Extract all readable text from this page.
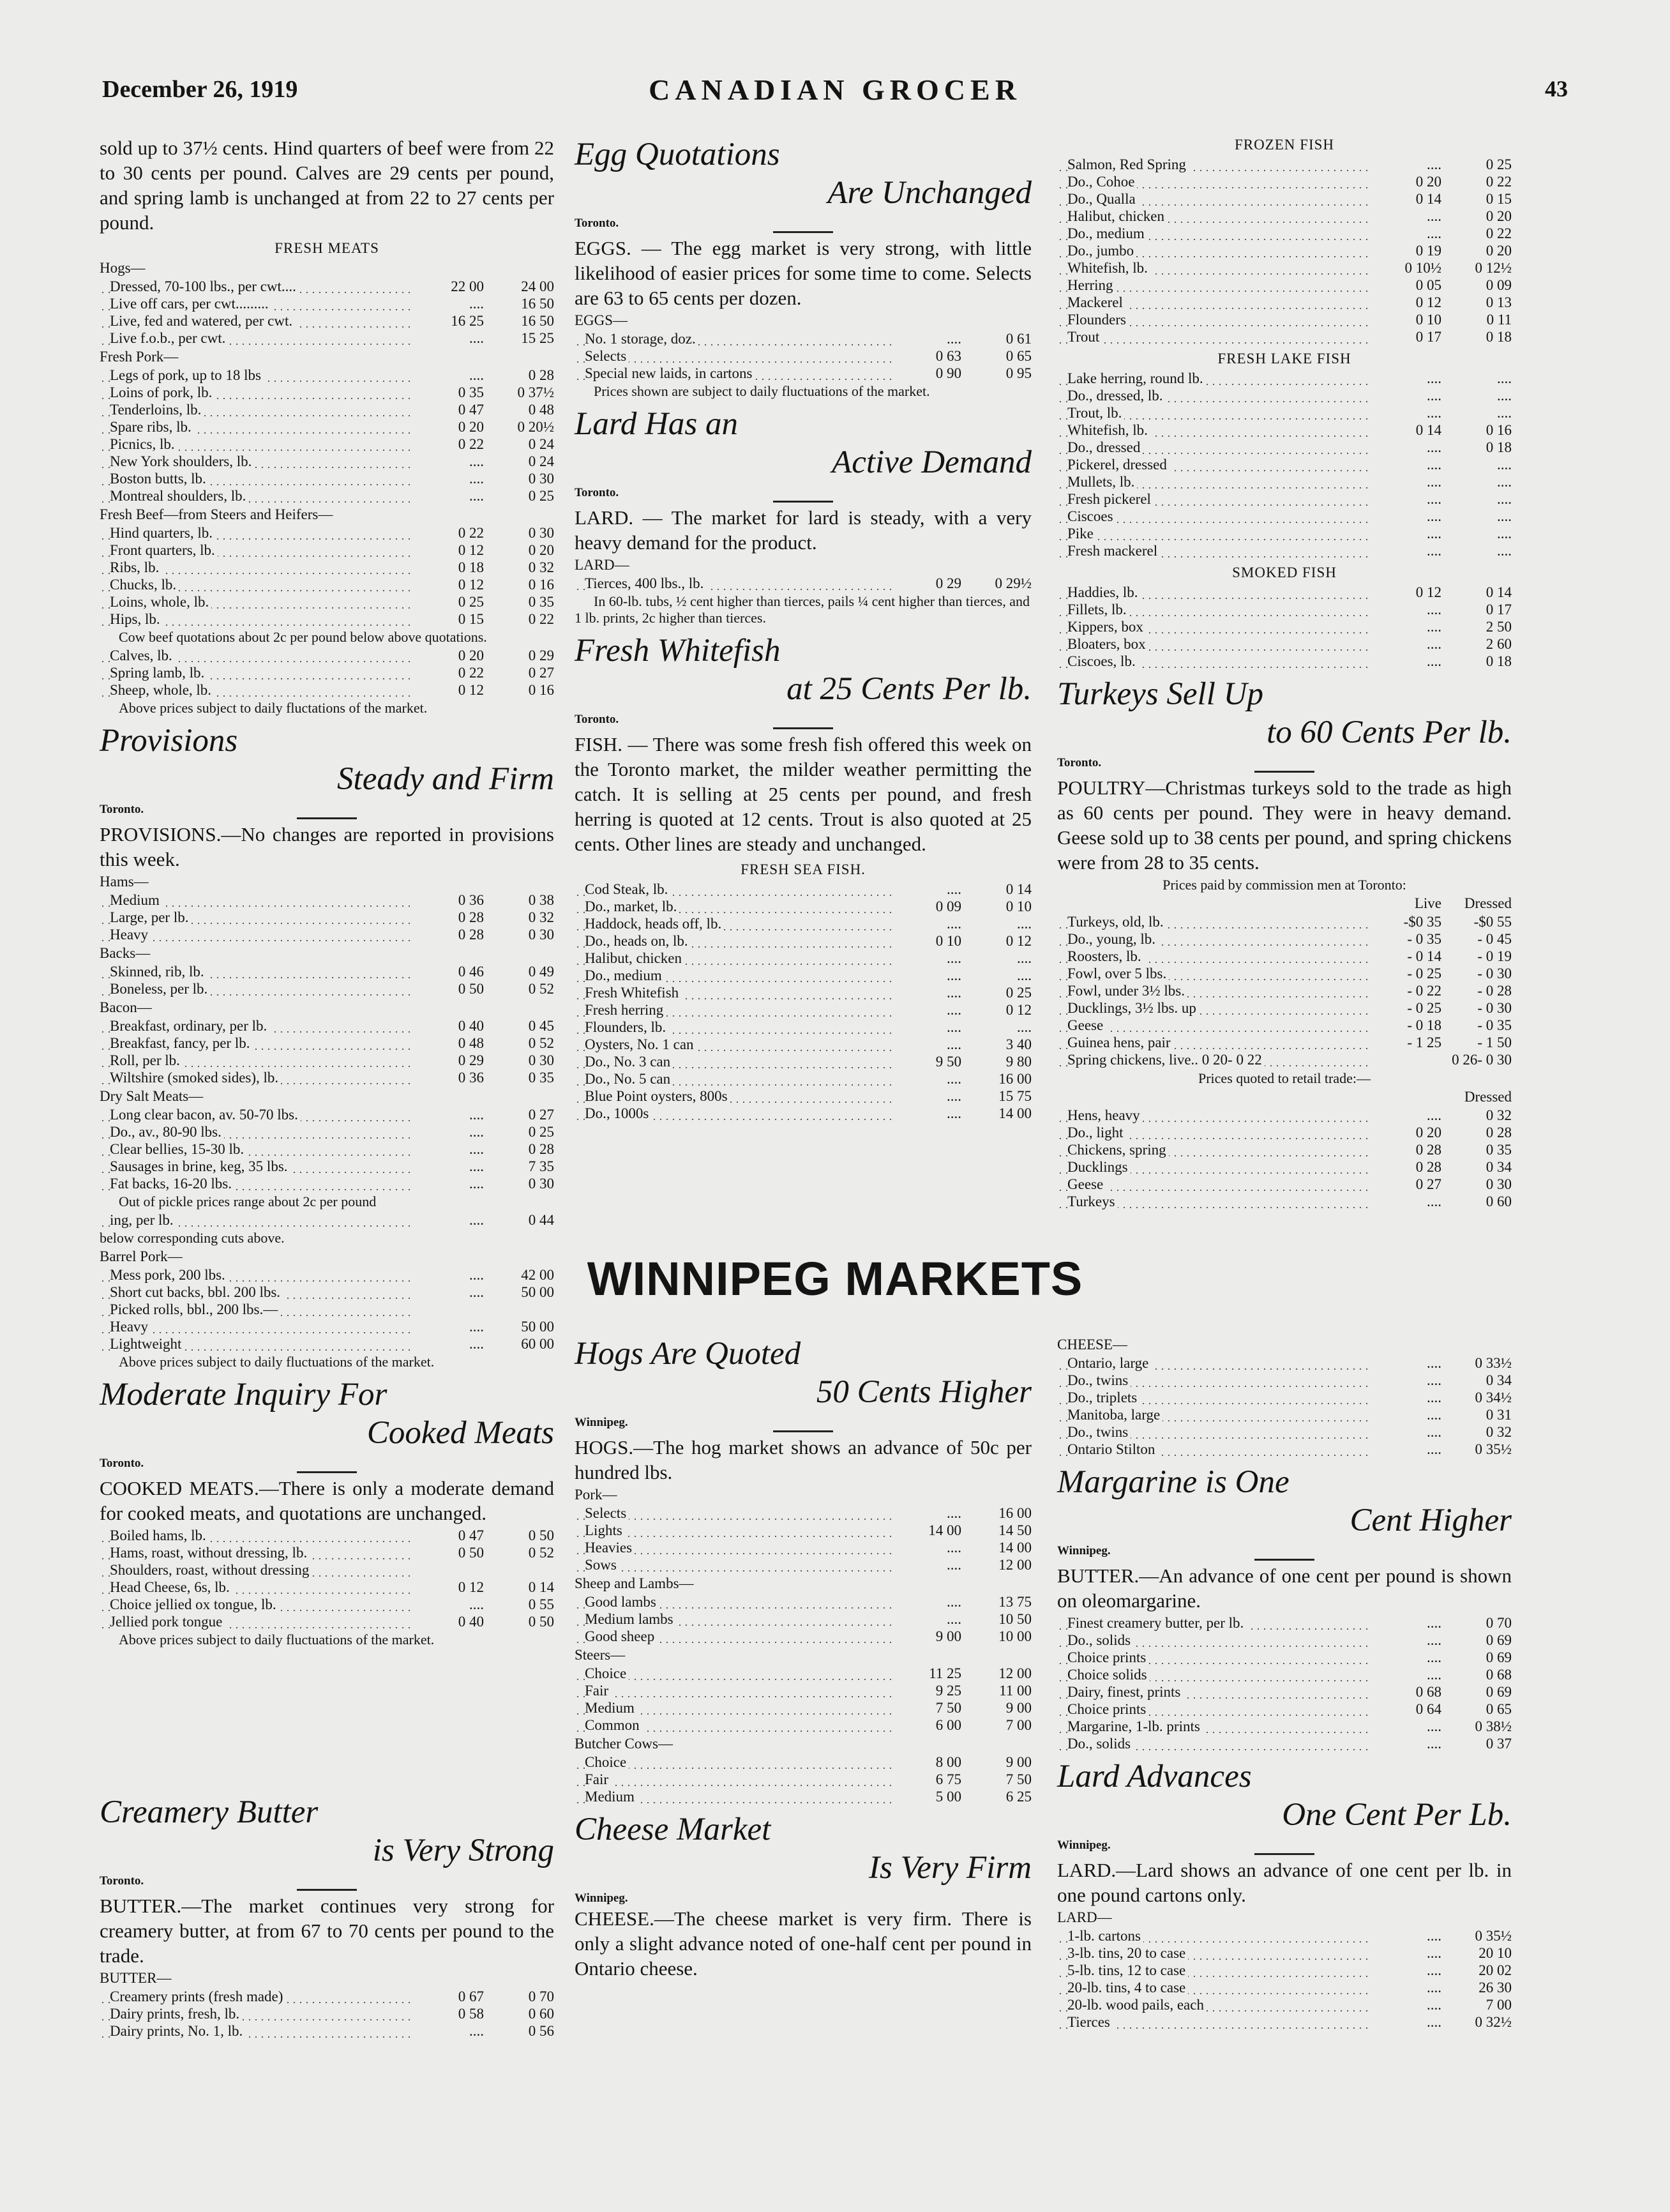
December 26, 1919	CANADIAN GROCER	43

sold up to 37½ cents. Hind quarters of beef were from 22 to 30 cents per pound. Calves are 29 cents per pound, and spring lamb is unchanged at from 22 to 27 cents per pound.

FRESH MEATS
Hogs—
Dressed, 70-100 lbs., per cwt....	22 00	24 00
Live off cars, per cwt.........	....	16 50
Live, fed and watered, per cwt.	16 25	16 50
Live f.o.b., per cwt.	....	15 25
Fresh Pork—
Legs of pork, up to 18 lbs	....	0 28
Loins of pork, lb.	0 35	0 37½
Tenderloins, lb.	0 47	0 48
Spare ribs, lb.	0 20	0 20½
Picnics, lb.	0 22	0 24
New York shoulders, lb.	....	0 24
Boston butts, lb.	....	0 30
Montreal shoulders, lb.	....	0 25
Fresh Beef—from Steers and Heifers—
Hind quarters, lb.	0 22	0 30
Front quarters, lb.	0 12	0 20
Ribs, lb.	0 18	0 32
Chucks, lb.	0 12	0 16
Loins, whole, lb.	0 25	0 35
Hips, lb.	0 15	0 22

Cow beef quotations about 2c per pound below above quotations.

Calves, lb.	0 20	0 29
Spring lamb, lb.	0 22	0 27
Sheep, whole, lb.	0 12	0 16

Above prices subject to daily fluctations of the market.

Provisions
Steady and Firm
Toronto.

PROVISIONS.—No changes are reported in provisions this week.

Hams—
Medium	0 36	0 38
Large, per lb.	0 28	0 32
Heavy	0 28	0 30
Backs—
Skinned, rib, lb.	0 46	0 49
Boneless, per lb.	0 50	0 52
Bacon—
Breakfast, ordinary, per lb.	0 40	0 45
Breakfast, fancy, per lb.	0 48	0 52
Roll, per lb.	0 29	0 30
Wiltshire (smoked sides), lb.	0 36	0 35
Dry Salt Meats—
Long clear bacon, av. 50-70 lbs.	....	0 27
Do., av., 80-90 lbs.	....	0 25
Clear bellies, 15-30 lb.	....	0 28
Sausages in brine, keg, 35 lbs.	....	7 35
Fat backs, 16-20 lbs.	....	0 30

Out of pickle prices range about 2c per pound

ing, per lb.	....	0 44

below corresponding cuts above.

Barrel Pork—
Mess pork, 200 lbs.	....	42 00
Short cut backs, bbl. 200 lbs.	....	50 00
Picked rolls, bbl., 200 lbs.—		
Heavy	....	50 00
Lightweight	....	60 00

Above prices subject to daily fluctuations of the market.

Moderate Inquiry For
Cooked Meats
Toronto.

COOKED MEATS.—There is only a moderate demand for cooked meats, and quotations are unchanged.

Boiled hams, lb.	0 47	0 50
Hams, roast, without dressing, lb.	0 50	0 52
Shoulders, roast, without dressing		
Head Cheese, 6s, lb.	0 12	0 14
Choice jellied ox tongue, lb.	....	0 55
Jellied pork tongue	0 40	0 50

Above prices subject to daily fluctuations of the market.

Creamery Butter
is Very Strong
Toronto.

BUTTER.—The market continues very strong for creamery butter, at from 67 to 70 cents per pound to the trade.

BUTTER—
Creamery prints (fresh made)	0 67	0 70
Dairy prints, fresh, lb.	0 58	0 60
Dairy prints, No. 1, lb.	....	0 56
Egg Quotations
Are Unchanged
Toronto.

EGGS. — The egg market is very strong, with little likelihood of easier prices for some time to come. Selects are 63 to 65 cents per dozen.

EGGS—
No. 1 storage, doz.	....	0 61
Selects	0 63	0 65
Special new laids, in cartons	0 90	0 95

Prices shown are subject to daily fluctuations of the market.

Lard Has an
Active Demand
Toronto.

LARD. — The market for lard is steady, with a very heavy demand for the product.

LARD—
Tierces, 400 lbs., lb.	0 29	0 29½

In 60-lb. tubs, ½ cent higher than tierces, pails ¼ cent higher than tierces, and 1 lb. prints, 2c higher than tierces.

Fresh Whitefish
at 25 Cents Per lb.
Toronto.

FISH. — There was some fresh fish offered this week on the Toronto market, the milder weather permitting the catch. It is selling at 25 cents per pound, and fresh herring is quoted at 12 cents. Trout is also quoted at 25 cents. Other lines are steady and unchanged.

FRESH SEA FISH.
Cod Steak, lb.	....	0 14
Do., market, lb.	0 09	0 10
Haddock, heads off, lb.	....	....
Do., heads on, lb.	0 10	0 12
Halibut, chicken	....	....
Do., medium	....	....
Fresh Whitefish	....	0 25
Fresh herring	....	0 12
Flounders, lb.	....	....
Oysters, No. 1 can	....	3 40
Do., No. 3 can	9 50	9 80
Do., No. 5 can	....	16 00
Blue Point oysters, 800s	....	15 75
Do., 1000s	....	14 00
FROZEN FISH
Salmon, Red Spring	....	0 25
Do., Cohoe	0 20	0 22
Do., Qualla	0 14	0 15
Halibut, chicken	....	0 20
Do., medium	....	0 22
Do., jumbo	0 19	0 20
Whitefish, lb.	0 10½	0 12½
Herring	0 05	0 09
Mackerel	0 12	0 13
Flounders	0 10	0 11
Trout	0 17	0 18
FRESH LAKE FISH
Lake herring, round lb.	....	....
Do., dressed, lb.	....	....
Trout, lb.	....	....
Whitefish, lb.	0 14	0 16
Do., dressed	....	0 18
Pickerel, dressed	....	....
Mullets, lb.	....	....
Fresh pickerel	....	....
Ciscoes	....	....
Pike	....	....
Fresh mackerel	....	....
SMOKED FISH
Haddies, lb.	0 12	0 14
Fillets, lb.	....	0 17
Kippers, box	....	2 50
Bloaters, box	....	2 60
Ciscoes, lb.	....	0 18
Turkeys Sell Up
to 60 Cents Per lb.
Toronto.

POULTRY—Christmas turkeys sold to the trade as high as 60 cents per pound. They were in heavy demand. Geese sold up to 38 cents per pound, and spring chickens were from 28 to 35 cents.

Prices paid by commission men at Toronto:
	Live	Dressed
Turkeys, old, lb.	-$0 35	-$0 55
Do., young, lb.	- 0 35	- 0 45
Roosters, lb.	- 0 14	- 0 19
Fowl, over 5 lbs.	- 0 25	- 0 30
Fowl, under 3½ lbs.	- 0 22	- 0 28
Ducklings, 3½ lbs. up	- 0 25	- 0 30
Geese	- 0 18	- 0 35
Guinea hens, pair	- 1 25	- 1 50
Spring chickens, live.. 0 20- 0 22		0 26- 0 30
Prices quoted to retail trade:—
		Dressed
Hens, heavy	....	0 32
Do., light	0 20	0 28
Chickens, spring	0 28	0 35
Ducklings	0 28	0 34
Geese	0 27	0 30
Turkeys	....	0 60
WINNIPEG MARKETS
Hogs Are Quoted
50 Cents Higher
Winnipeg.

HOGS.—The hog market shows an advance of 50c per hundred lbs.

Pork—
Selects	....	16 00
Lights	14 00	14 50
Heavies	....	14 00
Sows	....	12 00
Sheep and Lambs—
Good lambs	....	13 75
Medium lambs	....	10 50
Good sheep	9 00	10 00
Steers—
Choice	11 25	12 00
Fair	9 25	11 00
Medium	7 50	9 00
Common	6 00	7 00
Butcher Cows—
Choice	8 00	9 00
Fair	6 75	7 50
Medium	5 00	6 25
Cheese Market
Is Very Firm
Winnipeg.

CHEESE.—The cheese market is very firm. There is only a slight advance noted of one-half cent per pound in Ontario cheese.

CHEESE—
Ontario, large	....	0 33½
Do., twins	....	0 34
Do., triplets	....	0 34½
Manitoba, large	....	0 31
Do., twins	....	0 32
Ontario Stilton	....	0 35½
Margarine is One
Cent Higher
Winnipeg.

BUTTER.—An advance of one cent per pound is shown on oleomargarine.

Finest creamery butter, per lb.	....	0 70
Do., solids	....	0 69
Choice prints	....	0 69
Choice solids	....	0 68
Dairy, finest, prints	0 68	0 69
Choice prints	0 64	0 65
Margarine, 1-lb. prints	....	0 38½
Do., solids	....	0 37
Lard Advances
One Cent Per Lb.
Winnipeg.

LARD.—Lard shows an advance of one cent per lb. in one pound cartons only.

LARD—
1-lb. cartons	....	0 35½
3-lb. tins, 20 to case	....	20 10
5-lb. tins, 12 to case	....	20 02
20-lb. tins, 4 to case	....	26 30
20-lb. wood pails, each	....	7 00
Tierces	....	0 32½
